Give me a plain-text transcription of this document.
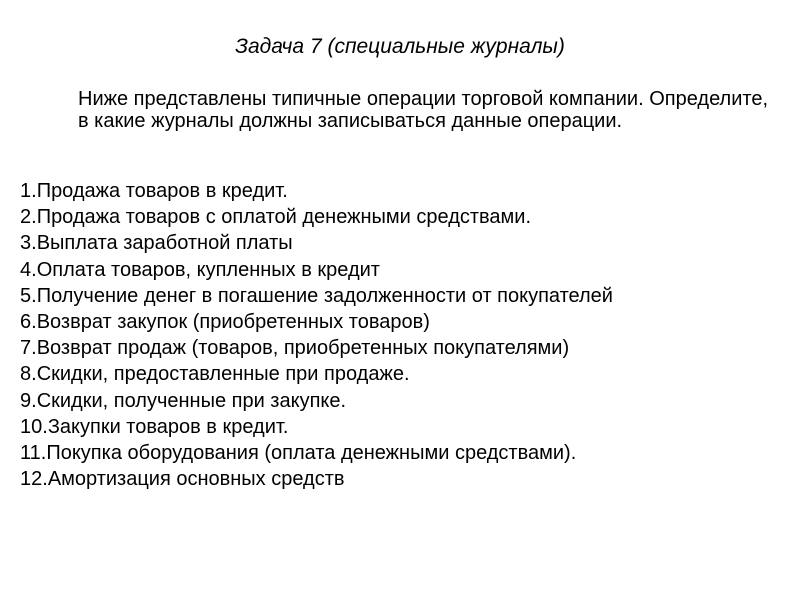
Задача 7 (специальные журналы)
Ниже представлены типичные операции торговой компании. Определите, в какие журналы должны записываться данные операции.
1. Продажа товаров в кредит.
2. Продажа товаров с оплатой денежными средствами.
3. Выплата заработной платы
4. Оплата товаров, купленных в кредит
5. Получение денег в погашение задолженности от покупателей
6. Возврат закупок (приобретенных товаров)
7. Возврат продаж (товаров, приобретенных покупателями)
8. Скидки, предоставленные при продаже.
9. Скидки, полученные при закупке.
10. Закупки товаров в кредит.
11. Покупка оборудования (оплата денежными средствами).
12. Амортизация основных средств
